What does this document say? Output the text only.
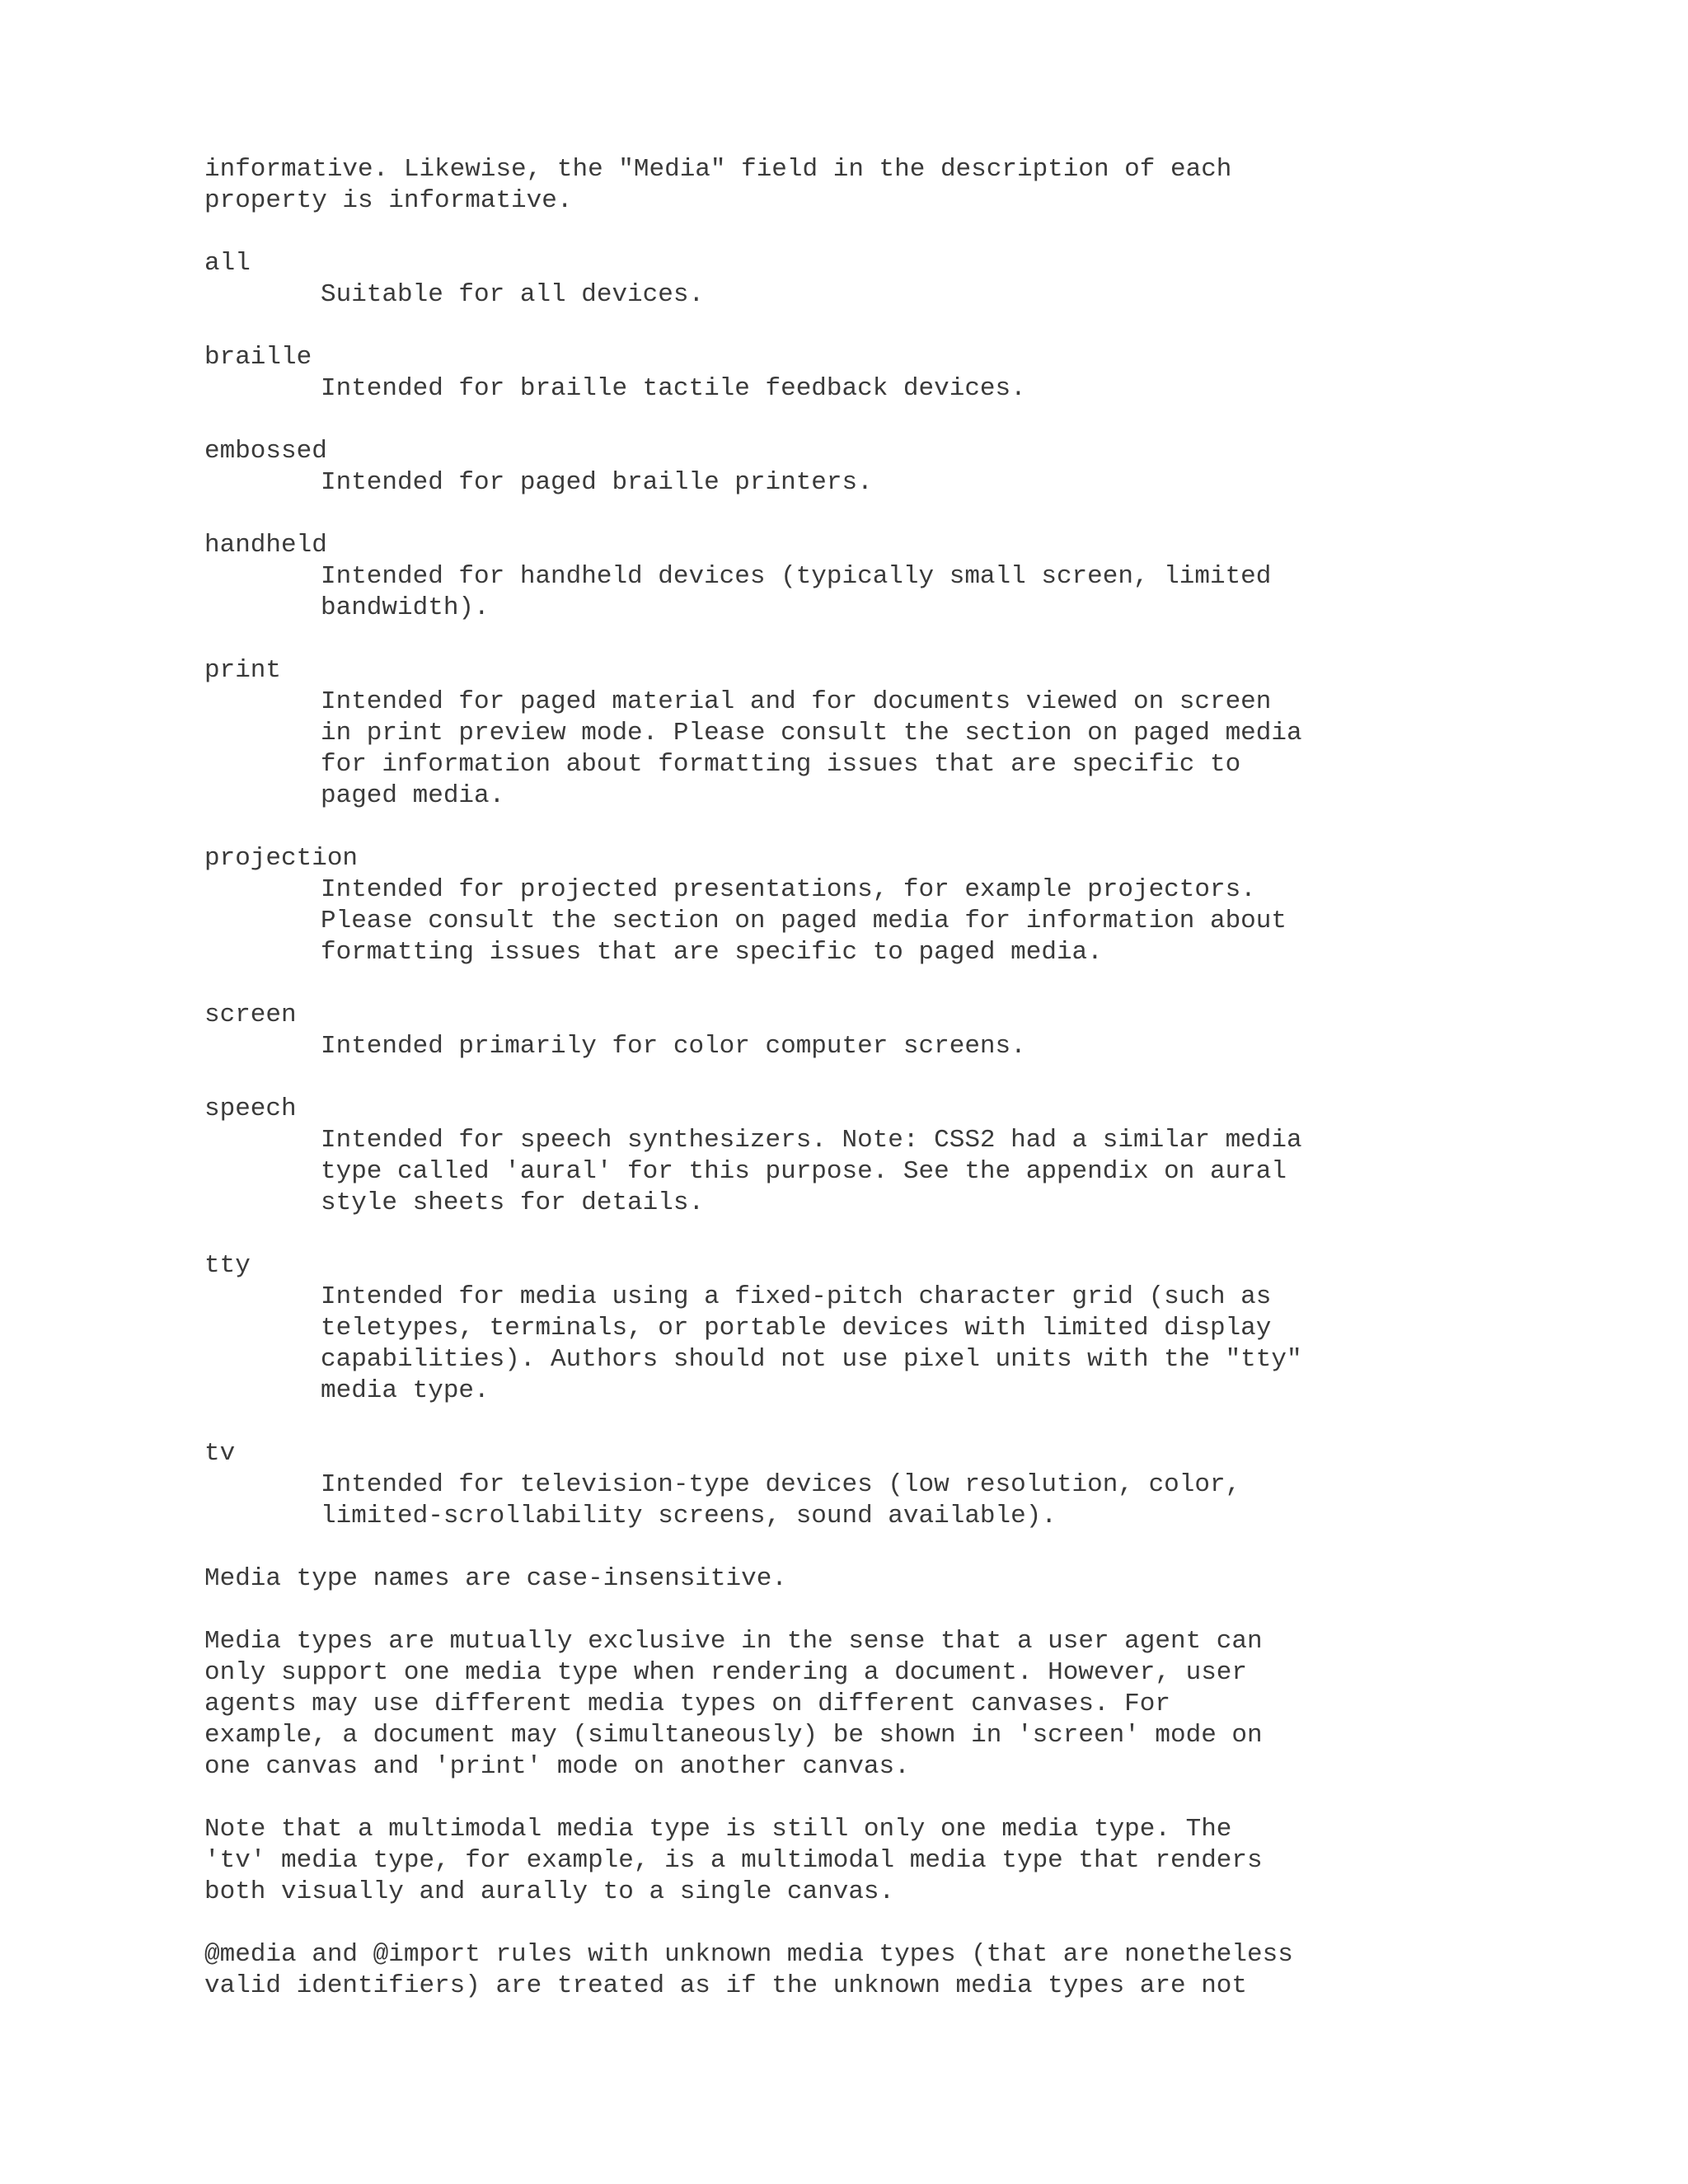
informative. Likewise, the "Media" field in the description of each
property is informative.

all
Suitable for all devices.
braille
Intended for braille tactile feedback devices.
embossed
Intended for paged braille printers.
handheld
Intended for handheld devices (typically small screen, limited
bandwidth).
print
Intended for paged material and for documents viewed on screen
in print preview mode. Please consult the section on paged media
for information about formatting issues that are specific to
paged media.
projection
Intended for projected presentations, for example projectors.
Please consult the section on paged media for information about
formatting issues that are specific to paged media.
screen
Intended primarily for color computer screens.
speech
Intended for speech synthesizers. Note: CSS2 had a similar media
type called 'aural' for this purpose. See the appendix on aural
style sheets for details.
tty
Intended for media using a fixed-pitch character grid (such as
teletypes, terminals, or portable devices with limited display
capabilities). Authors should not use pixel units with the "tty"
media type.
tv
Intended for television-type devices (low resolution, color,
limited-scrollability screens, sound available).

Media type names are case-insensitive.

Media types are mutually exclusive in the sense that a user agent can
only support one media type when rendering a document. However, user
agents may use different media types on different canvases. For
example, a document may (simultaneously) be shown in 'screen' mode on
one canvas and 'print' mode on another canvas.

Note that a multimodal media type is still only one media type. The
'tv' media type, for example, is a multimodal media type that renders
both visually and aurally to a single canvas.

@media and @import rules with unknown media types (that are nonetheless
valid identifiers) are treated as if the unknown media types are not
